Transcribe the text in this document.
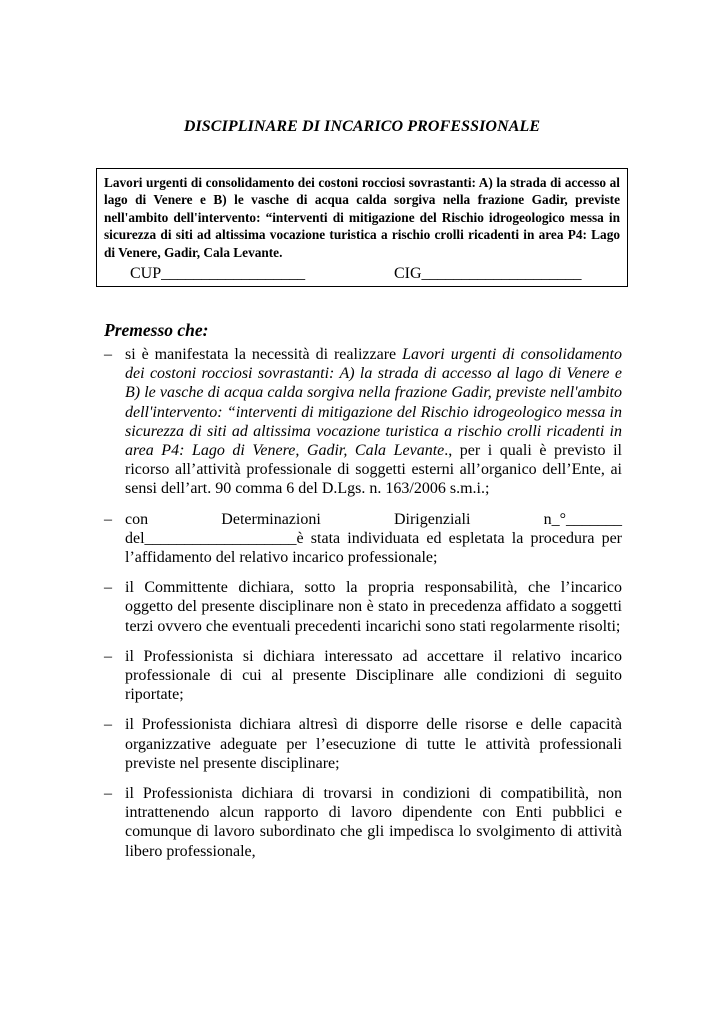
DISCIPLINARE DI INCARICO PROFESSIONALE
Lavori urgenti di consolidamento dei costoni rocciosi sovrastanti: A) la strada di accesso al lago di Venere e B) le vasche di acqua calda sorgiva nella frazione Gadir, previste nell'ambito dell'intervento: “interventi di mitigazione del Rischio idrogeologico messa in sicurezza di siti ad altissima vocazione turistica a rischio crolli ricadenti in area P4: Lago di Venere, Gadir, Cala Levante.
CUP__________________	CIG____________________
Premesso che:
– si è manifestata la necessità di realizzare Lavori urgenti di consolidamento dei costoni rocciosi sovrastanti: A) la strada di accesso al lago di Venere e B) le vasche di acqua calda sorgiva nella frazione Gadir, previste nell'ambito dell'intervento: “interventi di mitigazione del Rischio idrogeologico messa in sicurezza di siti ad altissima vocazione turistica a rischio crolli ricadenti in area P4: Lago di Venere, Gadir, Cala Levante., per i quali è previsto il ricorso all’attività professionale di soggetti esterni all’organico dell’Ente, ai sensi dell’art. 90 comma 6 del D.Lgs. n. 163/2006 s.m.i.;
– con	Determinazioni	Dirigenziali	n_°_______
del___________________è stata individuata ed espletata la procedura per l’affidamento del relativo incarico professionale;
– il Committente dichiara, sotto la propria responsabilità, che l’incarico oggetto del presente disciplinare non è stato in precedenza affidato a soggetti terzi ovvero che eventuali precedenti incarichi sono stati regolarmente risolti;
– il Professionista si dichiara interessato ad accettare il relativo incarico professionale di cui al presente Disciplinare alle condizioni di seguito riportate;
– il Professionista dichiara altresì di disporre delle risorse e delle capacità organizzative adeguate per l’esecuzione di tutte le attività professionali previste nel presente disciplinare;
– il Professionista dichiara di trovarsi in condizioni di compatibilità, non intrattenendo alcun rapporto di lavoro dipendente con Enti pubblici e comunque di lavoro subordinato che gli impedisca lo svolgimento di attività libero professionale,
